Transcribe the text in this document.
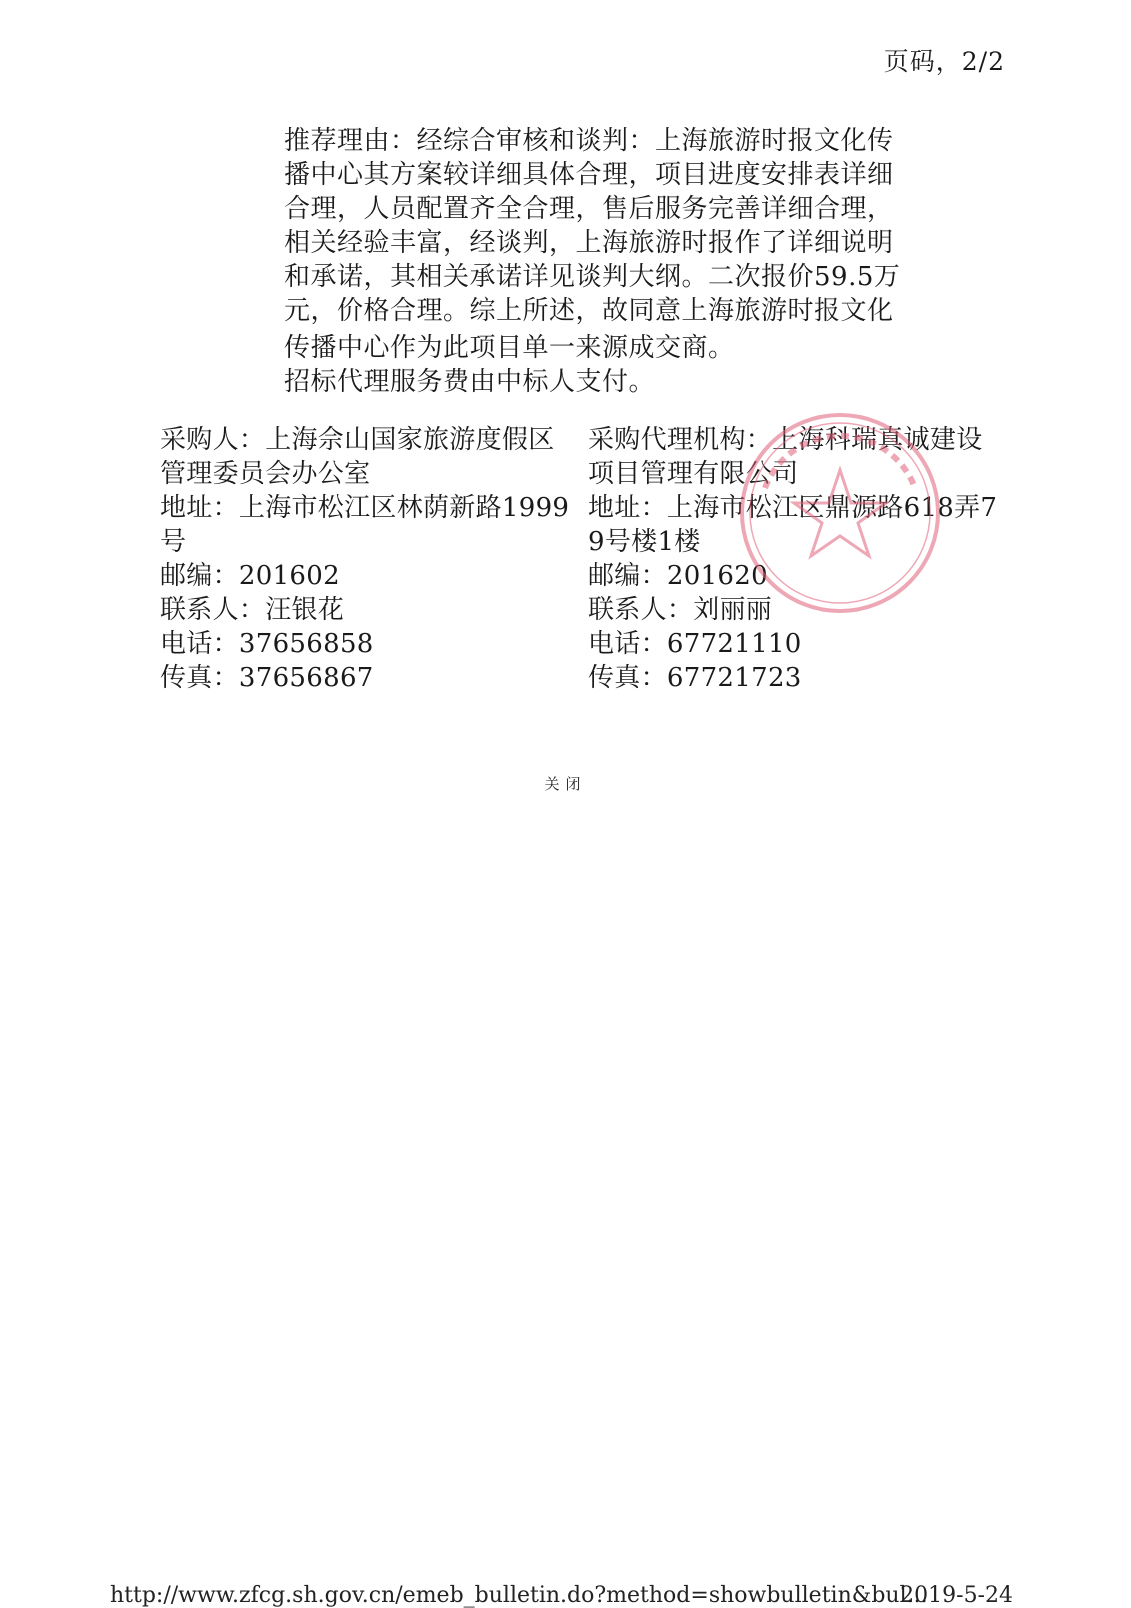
页码，2/2
推荐理由：经综合审核和谈判：上海旅游时报文化传
播中心其方案较详细具体合理，项目进度安排表详细
合理，人员配置齐全合理，售后服务完善详细合理，
相关经验丰富，经谈判，上海旅游时报作了详细说明
和承诺，其相关承诺详见谈判大纲。二次报价59.5万
元，价格合理。综上所述，故同意上海旅游时报文化
传播中心作为此项目单一来源成交商。
招标代理服务费由中标人支付。
采购人：上海佘山国家旅游度假区
管理委员会办公室
地址：上海市松江区林荫新路1999
号
邮编：201602
联系人：汪银花
电话：37656858
传真：37656867
采购代理机构：上海科瑞真诚建设
项目管理有限公司
地址：上海市松江区鼎源路618弄7
9号楼1楼
邮编：201620
联系人：刘丽丽
电话：67721110
传真：67721723
关闭
http://www.zfcg.sh.gov.cn/emeb_bulletin.do?method=showbulletin&bul...
2019-5-24
